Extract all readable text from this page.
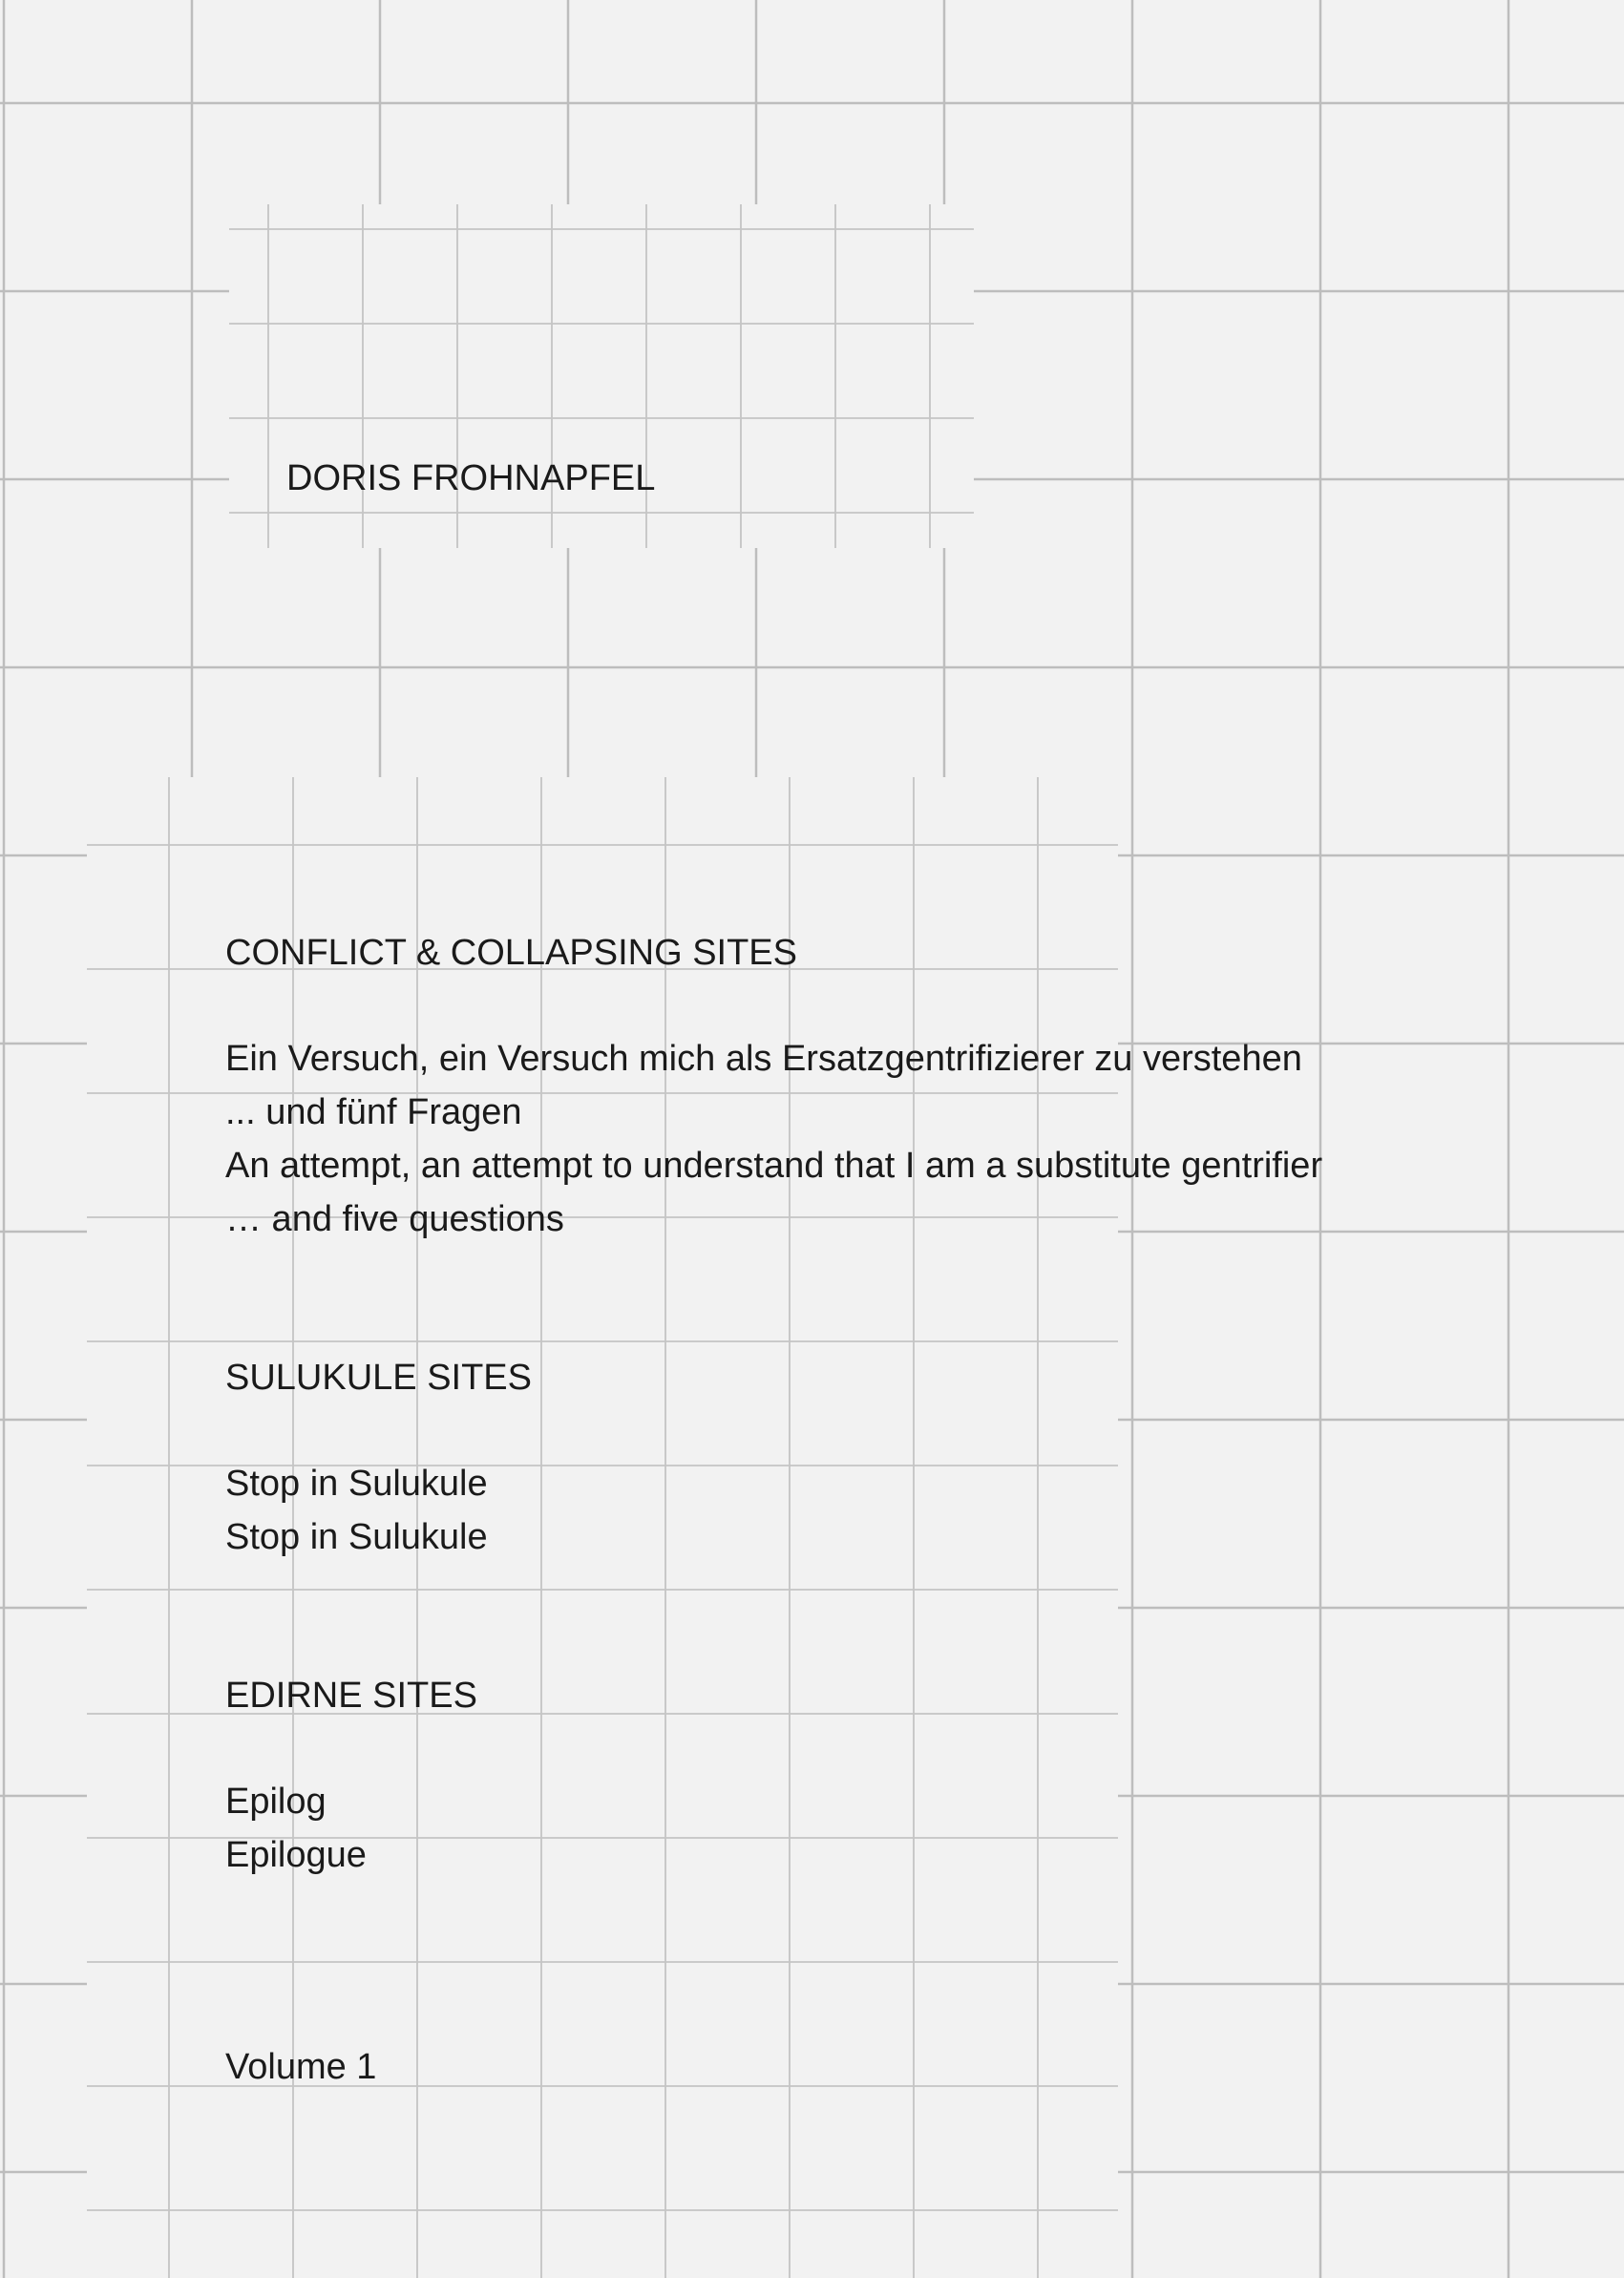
DORIS FROHNAPFEL
CONFLICT & COLLAPSING SITES
Ein Versuch, ein Versuch mich als Ersatzgentrifizierer zu verstehen
... und fünf Fragen
An attempt, an attempt to understand that I am a substitute gentrifier
… and five questions
SULUKULE SITES
Stop in Sulukule
Stop in Sulukule
EDIRNE SITES
Epilog
Epilogue
Volume 1
